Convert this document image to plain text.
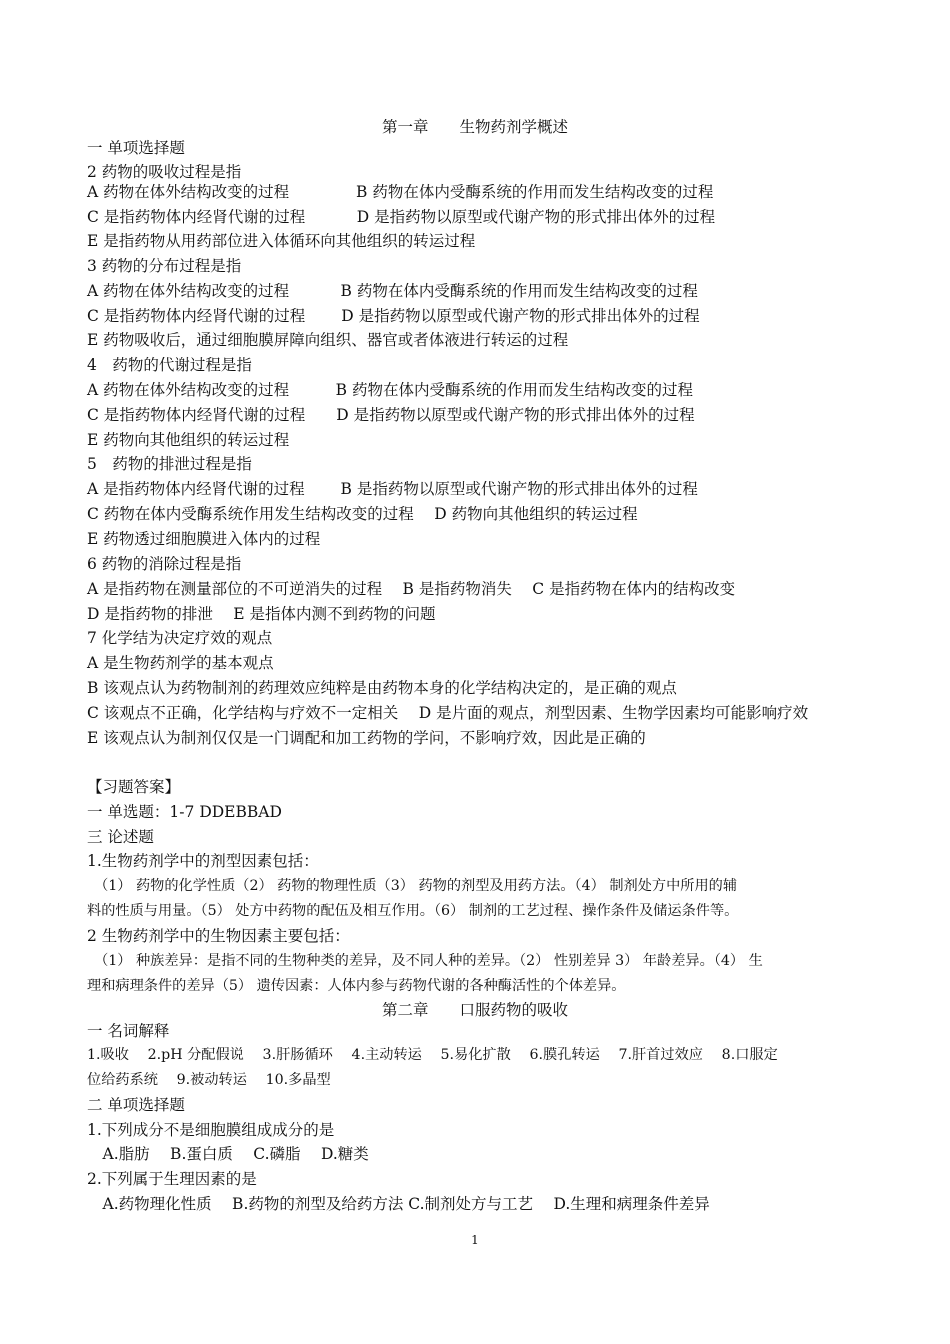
第一章　　生物药剂学概述
一 单项选择题
2 药物的吸收过程是指
A 药物在体外结构改变的过程　　　　 B 药物在体内受酶系统的作用而发生结构改变的过程
C 是指药物体内经肾代谢的过程　　　 D 是指药物以原型或代谢产物的形式排出体外的过程
E 是指药物从用药部位进入体循环向其他组织的转运过程
3 药物的分布过程是指
A 药物在体外结构改变的过程　　　 B 药物在体内受酶系统的作用而发生结构改变的过程
C 是指药物体内经肾代谢的过程　　 D 是指药物以原型或代谢产物的形式排出体外的过程
E 药物吸收后，通过细胞膜屏障向组织、器官或者体液进行转运的过程
4　药物的代谢过程是指
A 药物在体外结构改变的过程　　　B 药物在体内受酶系统的作用而发生结构改变的过程
C 是指药物体内经肾代谢的过程　　D 是指药物以原型或代谢产物的形式排出体外的过程
E 药物向其他组织的转运过程
5　药物的排泄过程是指
A 是指药物体内经肾代谢的过程　　 B 是指药物以原型或代谢产物的形式排出体外的过程
C 药物在体内受酶系统作用发生结构改变的过程　 D 药物向其他组织的转运过程
E 药物透过细胞膜进入体内的过程
6 药物的消除过程是指
A 是指药物在测量部位的不可逆消失的过程　 B 是指药物消失　 C 是指药物在体内的结构改变
D 是指药物的排泄　 E 是指体内测不到药物的问题
7 化学结为决定疗效的观点
A 是生物药剂学的基本观点
B 该观点认为药物制剂的药理效应纯粹是由药物本身的化学结构决定的，是正确的观点
C 该观点不正确，化学结构与疗效不一定相关　 D 是片面的观点，剂型因素、生物学因素均可能影响疗效
E 该观点认为制剂仅仅是一门调配和加工药物的学问，不影响疗效，因此是正确的
【习题答案】
一 单选题：1-7 DDEBBAD
三 论述题
1.生物药剂学中的剂型因素包括：
　（1） 药物的化学性质（2） 药物的物理性质（3） 药物的剂型及用药方法。（4） 制剂处方中所用的辅
料的性质与用量。（5） 处方中药物的配伍及相互作用。（6） 制剂的工艺过程、操作条件及储运条件等。
2 生物药剂学中的生物因素主要包括：
　（1） 种族差异：是指不同的生物种类的差异，及不同人种的差异。（2） 性别差异 3） 年龄差异。（4） 生
理和病理条件的差异（5） 遗传因素：人体内参与药物代谢的各种酶活性的个体差异。
第二章　　口服药物的吸收
一 名词解释
1.吸收　 2.pH 分配假说　 3.肝肠循环　 4.主动转运　 5.易化扩散　 6.膜孔转运　 7.肝首过效应　 8.口服定
位给药系统　 9.被动转运　 10.多晶型
二 单项选择题
1.下列成分不是细胞膜组成成分的是
　A.脂肪　 B.蛋白质　 C.磷脂　 D.糖类
2.下列属于生理因素的是
　A.药物理化性质　 B.药物的剂型及给药方法 C.制剂处方与工艺　 D.生理和病理条件差异
1
